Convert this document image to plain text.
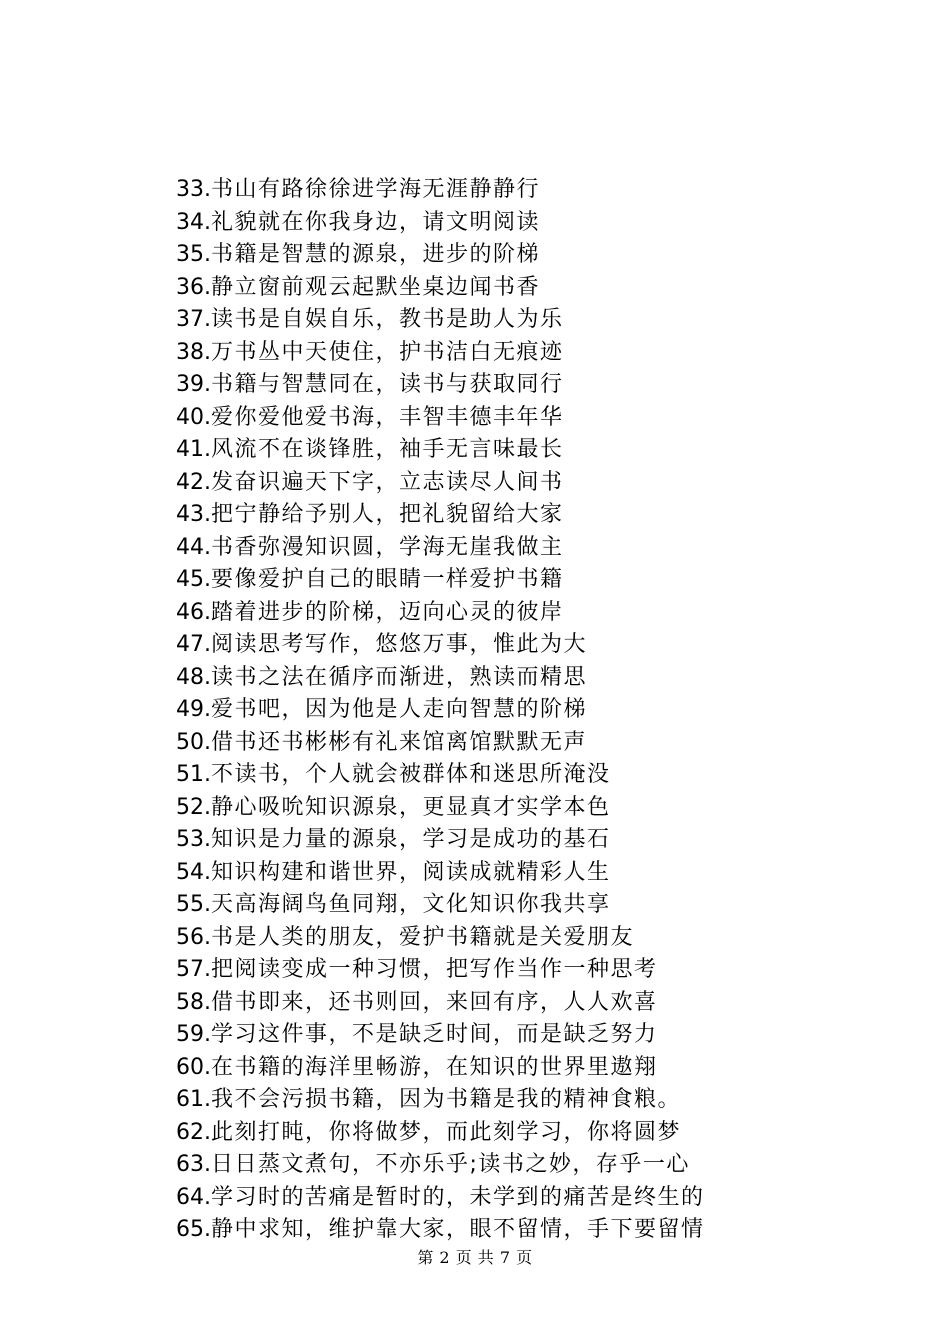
33.书山有路徐徐进学海无涯静静行
34.礼貌就在你我身边，请文明阅读
35.书籍是智慧的源泉，进步的阶梯
36.静立窗前观云起默坐桌边闻书香
37.读书是自娱自乐，教书是助人为乐
38.万书丛中天使住，护书洁白无痕迹
39.书籍与智慧同在，读书与获取同行
40.爱你爱他爱书海，丰智丰德丰年华
41.风流不在谈锋胜，袖手无言味最长
42.发奋识遍天下字，立志读尽人间书
43.把宁静给予别人，把礼貌留给大家
44.书香弥漫知识圆，学海无崖我做主
45.要像爱护自己的眼睛一样爱护书籍
46.踏着进步的阶梯，迈向心灵的彼岸
47.阅读思考写作，悠悠万事，惟此为大
48.读书之法在循序而渐进，熟读而精思
49.爱书吧，因为他是人走向智慧的阶梯
50.借书还书彬彬有礼来馆离馆默默无声
51.不读书，个人就会被群体和迷思所淹没
52.静心吸吮知识源泉，更显真才实学本色
53.知识是力量的源泉，学习是成功的基石
54.知识构建和谐世界，阅读成就精彩人生
55.天高海阔鸟鱼同翔，文化知识你我共享
56.书是人类的朋友，爱护书籍就是关爱朋友
57.把阅读变成一种习惯，把写作当作一种思考
58.借书即来，还书则回，来回有序，人人欢喜
59.学习这件事，不是缺乏时间，而是缺乏努力
60.在书籍的海洋里畅游，在知识的世界里遨翔
61.我不会污损书籍，因为书籍是我的精神食粮。
62.此刻打盹，你将做梦，而此刻学习，你将圆梦
63.日日蒸文煮句，不亦乐乎;读书之妙，存乎一心
64.学习时的苦痛是暂时的，未学到的痛苦是终生的
65.静中求知，维护靠大家，眼不留情，手下要留情
第 2 页 共 7 页
